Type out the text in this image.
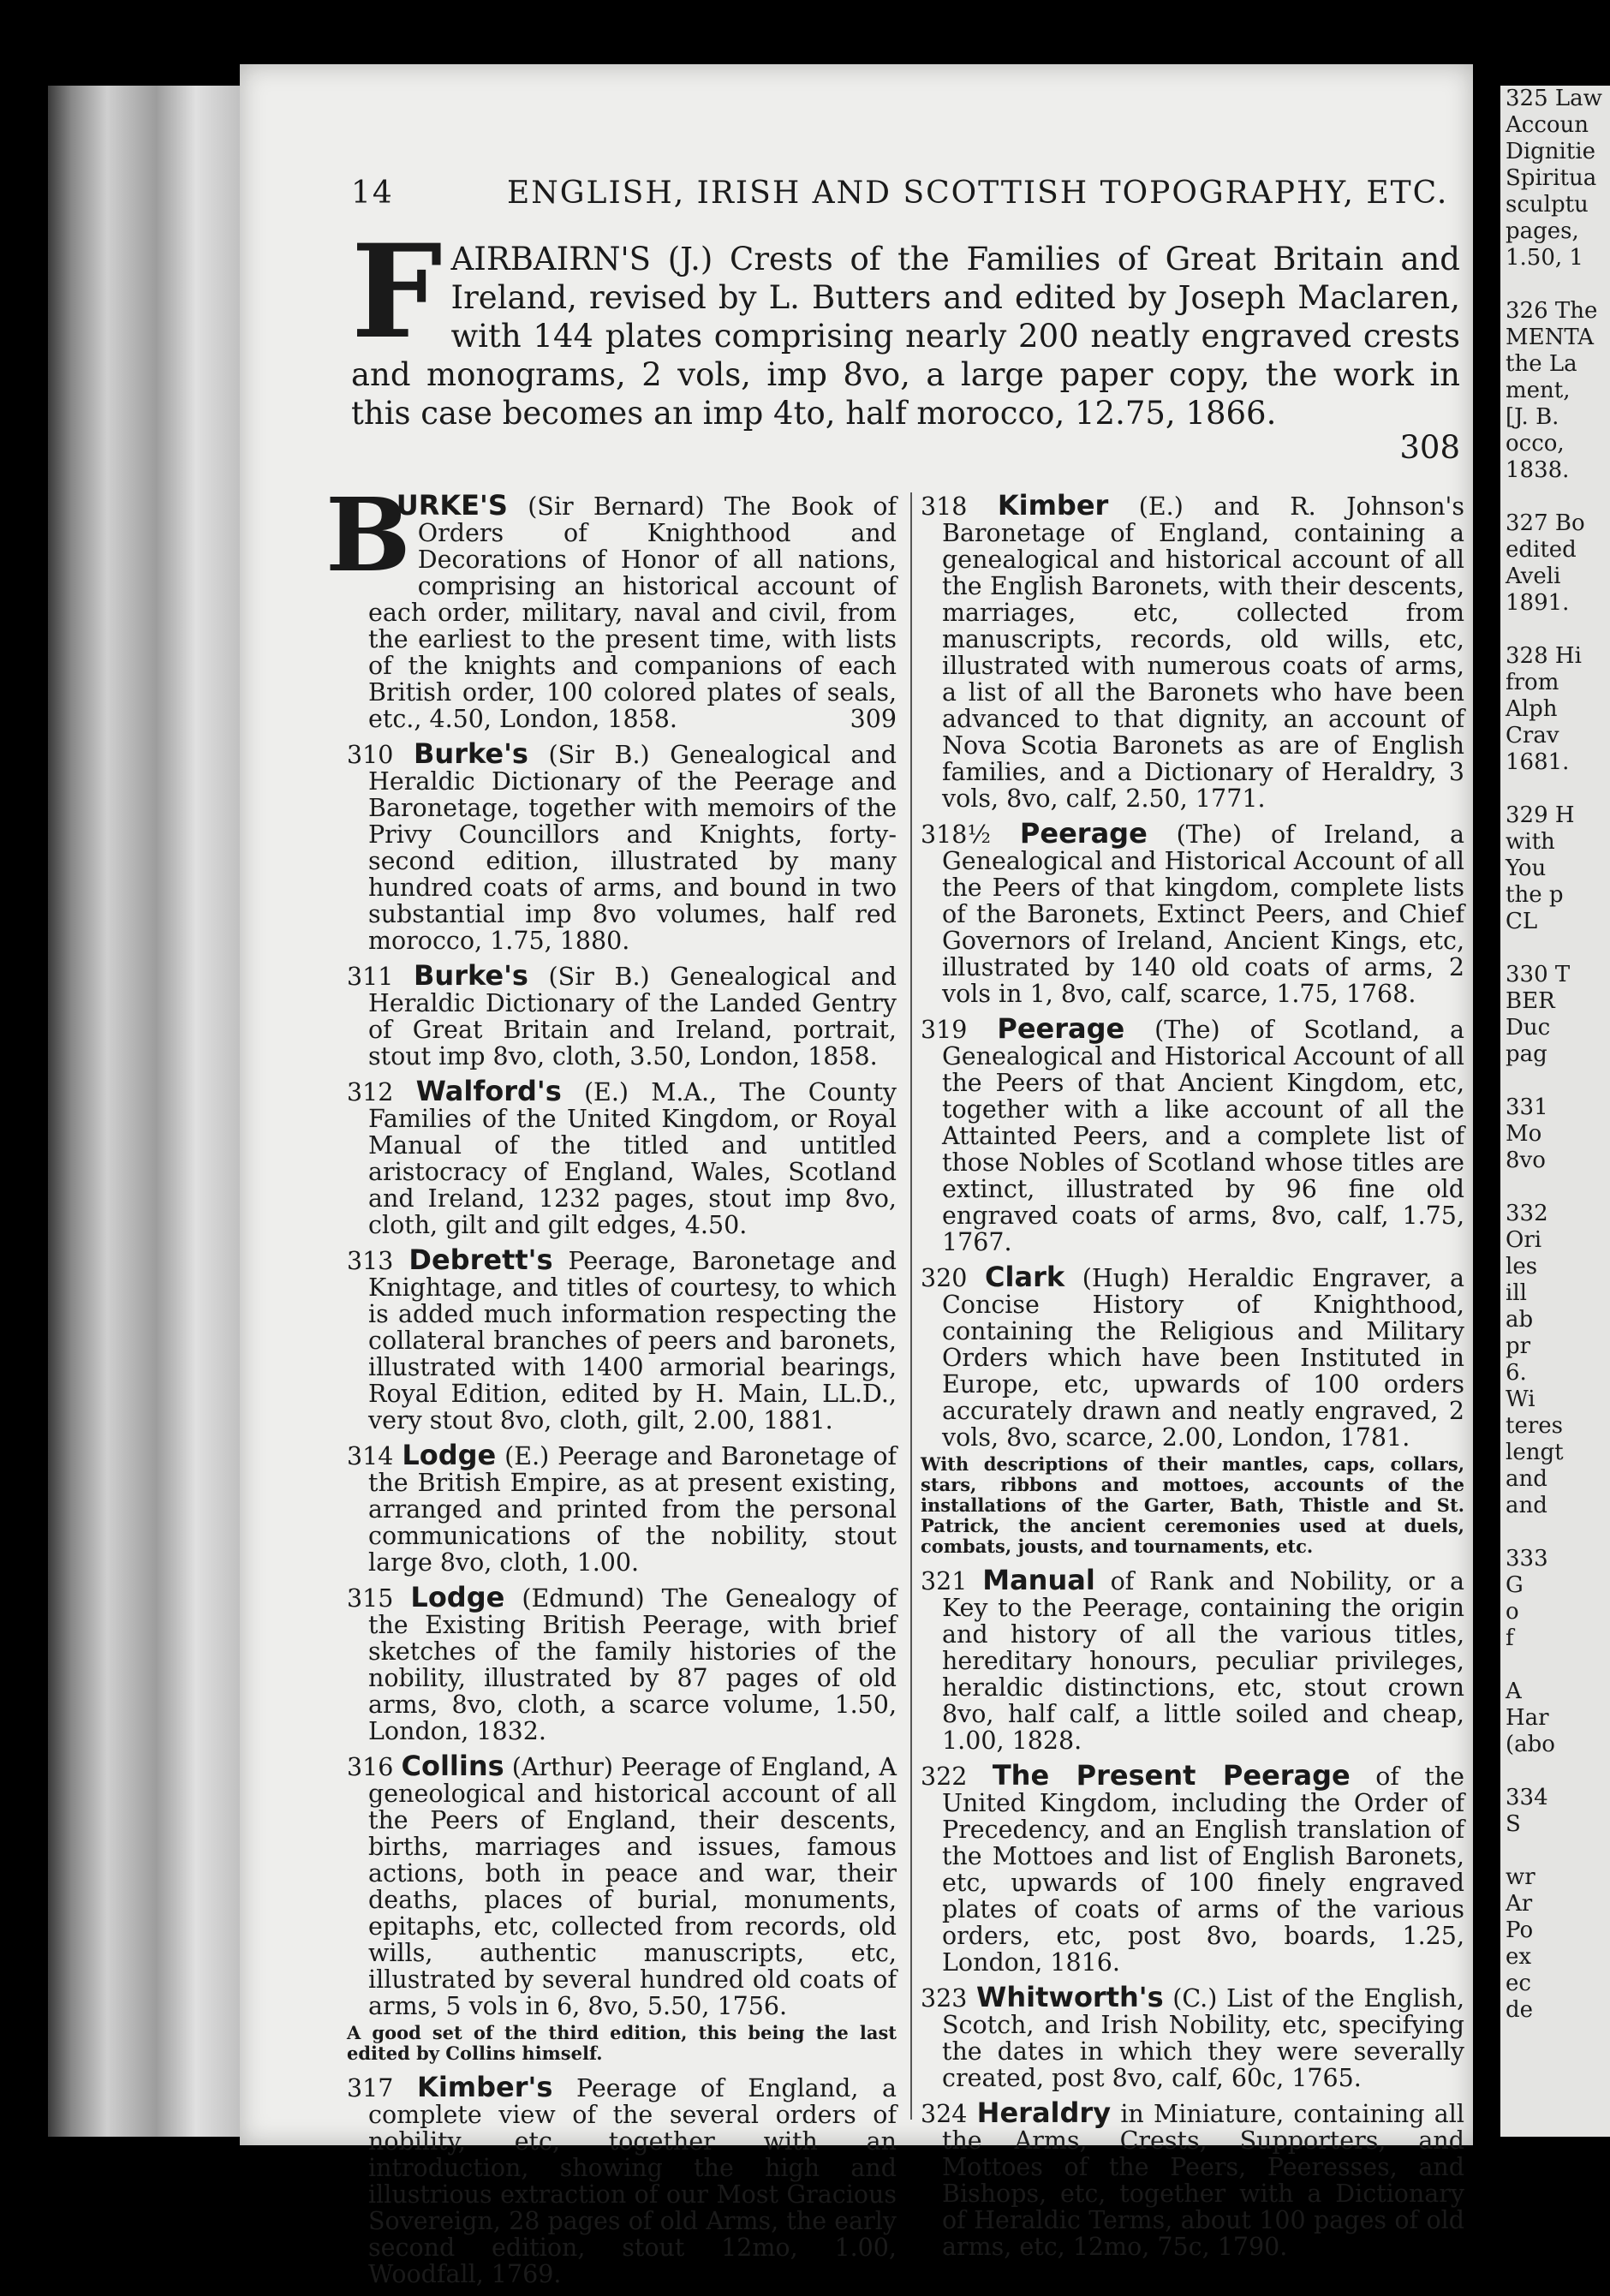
14	ENGLISH, IRISH AND SCOTTISH TOPOGRAPHY, ETC.
F AIRBAIRN'S (J.) Crests of the Families of Great Britain and Ireland, revised by L. Butters and edited by Joseph Maclaren, with 144 plates comprising nearly 200 neatly engraved crests and monograms, 2 vols, imp 8vo, a large paper copy, the work in this case becomes an imp 4to, half morocco, 12.75, 1866.
308
B
URKE'S (Sir Bernard) The Book of Orders of Knighthood and Decorations of Honor of all nations, comprising an historical account of each order, military, naval and civil, from the earliest to the present time, with lists of the knights and companions of each British order, 100 colored plates of seals, etc., 4.50, London, 1858.	309
310 Burke's (Sir B.) Genealogical and Heraldic Dictionary of the Peerage and Baronetage, together with memoirs of the Privy Councillors and Knights, forty-second edition, illustrated by many hundred coats of arms, and bound in two substantial imp 8vo volumes, half red morocco, 1.75, 1880.
311 Burke's (Sir B.) Genealogical and Heraldic Dictionary of the Landed Gentry of Great Britain and Ireland, portrait, stout imp 8vo, cloth, 3.50, London, 1858.
312 Walford's (E.) M.A., The County Families of the United Kingdom, or Royal Manual of the titled and untitled aristocracy of England, Wales, Scotland and Ireland, 1232 pages, stout imp 8vo, cloth, gilt and gilt edges, 4.50.
313 Debrett's Peerage, Baronetage and Knightage, and titles of courtesy, to which is added much information respecting the collateral branches of peers and baronets, illustrated with 1400 armorial bearings, Royal Edition, edited by H. Main, LL.D., very stout 8vo, cloth, gilt, 2.00, 1881.
314 Lodge (E.) Peerage and Baronetage of the British Empire, as at present existing, arranged and printed from the personal communications of the nobility, stout large 8vo, cloth, 1.00.
315 Lodge (Edmund) The Genealogy of the Existing British Peerage, with brief sketches of the family histories of the nobility, illustrated by 87 pages of old arms, 8vo, cloth, a scarce volume, 1.50, London, 1832.
316 Collins (Arthur) Peerage of England, A geneological and historical account of all the Peers of England, their descents, births, marriages and issues, famous actions, both in peace and war, their deaths, places of burial, monuments, epitaphs, etc, collected from records, old wills, authentic manuscripts, etc, illustrated by several hundred old coats of arms, 5 vols in 6, 8vo, 5.50, 1756.
A good set of the third edition, this being the last edited by Collins himself.
317 Kimber's Peerage of England, a complete view of the several orders of nobility, etc, together with an introduction, showing the high and illustrious extraction of our Most Gracious Sovereign, 28 pages of old Arms, the early second edition, stout 12mo, 1.00, Woodfall, 1769.
318 Kimber (E.) and R. Johnson's Baronetage of England, containing a genealogical and historical account of all the English Baronets, with their descents, marriages, etc, collected from manuscripts, records, old wills, etc, illustrated with numerous coats of arms, a list of all the Baronets who have been advanced to that dignity, an account of Nova Scotia Baronets as are of English families, and a Dictionary of Heraldry, 3 vols, 8vo, calf, 2.50, 1771.
318½ Peerage (The) of Ireland, a Genealogical and Historical Account of all the Peers of that kingdom, complete lists of the Baronets, Extinct Peers, and Chief Governors of Ireland, Ancient Kings, etc, illustrated by 140 old coats of arms, 2 vols in 1, 8vo, calf, scarce, 1.75, 1768.
319 Peerage (The) of Scotland, a Genealogical and Historical Account of all the Peers of that Ancient Kingdom, etc, together with a like account of all the Attainted Peers, and a complete list of those Nobles of Scotland whose titles are extinct, illustrated by 96 fine old engraved coats of arms, 8vo, calf, 1.75, 1767.
320 Clark (Hugh) Heraldic Engraver, a Concise History of Knighthood, containing the Religious and Military Orders which have been Instituted in Europe, etc, upwards of 100 orders accurately drawn and neatly engraved, 2 vols, 8vo, scarce, 2.00, London, 1781.
With descriptions of their mantles, caps, collars, stars, ribbons and mottoes, accounts of the installations of the Garter, Bath, Thistle and St. Patrick, the ancient ceremonies used at duels, combats, jousts, and tournaments, etc.
321 Manual of Rank and Nobility, or a Key to the Peerage, containing the origin and history of all the various titles, hereditary honours, peculiar privileges, heraldic distinctions, etc, stout crown 8vo, half calf, a little soiled and cheap, 1.00, 1828.
322 The Present Peerage of the United Kingdom, including the Order of Precedency, and an English translation of the Mottoes and list of English Baronets, etc, upwards of 100 finely engraved plates of coats of arms of the various orders, etc, post 8vo, boards, 1.25, London, 1816.
323 Whitworth's (C.) List of the English, Scotch, and Irish Nobility, etc, specifying the dates in which they were severally created, post 8vo, calf, 60c, 1765.
324 Heraldry in Miniature, containing all the Arms, Crests, Supporters, and Mottoes of the Peers, Peeresses, and Bishops, etc, together with a Dictionary of Heraldic Terms, about 100 pages of old arms, etc, 12mo, 75c, 1790.
325 Law
Accoun
Dignitie
Spiritua
sculptu
pages,
1.50, 1

326 The
MENTA
the La
ment,
[J. B.
occo,
1838.

327 Bo
edited
Aveli
1891.

328 Hi
from
Alph
Crav
1681.

329 H
with
You
the p
CL

330 T
BER
Duc
pag

331
Mo
8vo

332
Ori
les
ill
ab
pr
6.
Wi
teres
lengt
and
and

333
G
o
f

A
Har
(abo

334
S

wr
Ar
Po
ex
ec
de
